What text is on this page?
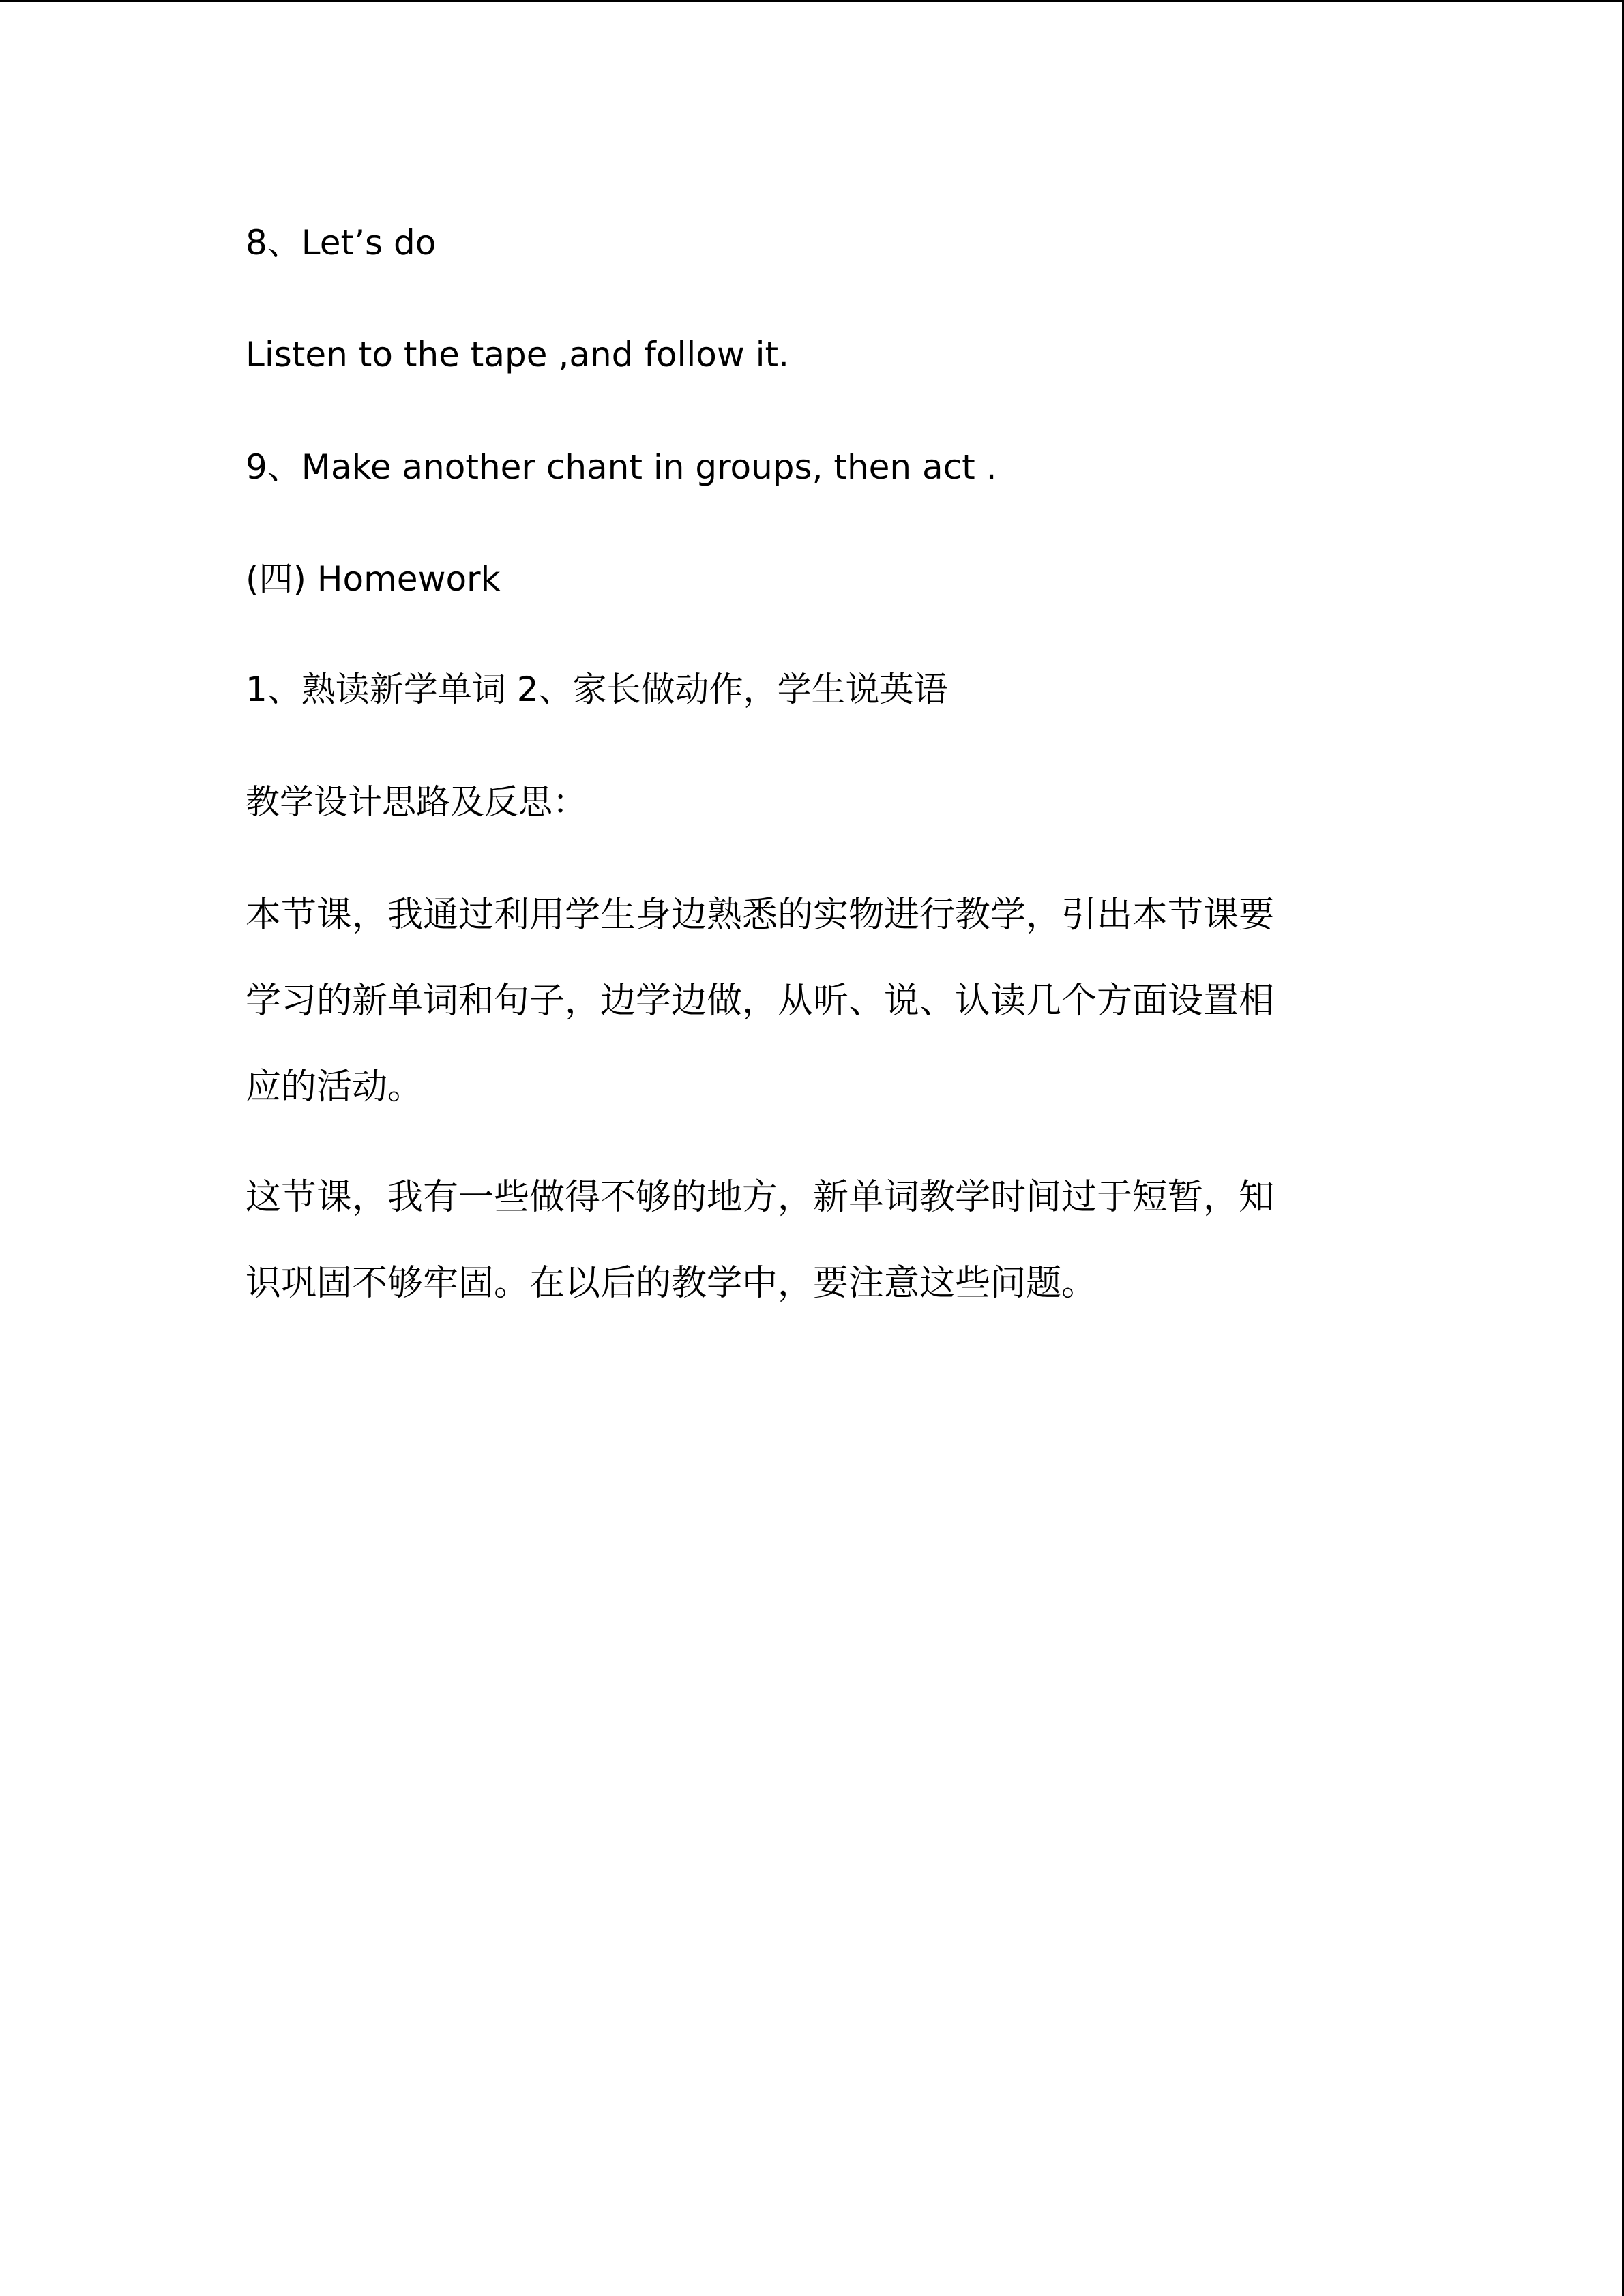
8、Let’s do
Listen to the tape ,and follow it.
9、Make another chant in groups, then act .
(四) Homework
1、熟读新学单词 2、家长做动作，学生说英语
教学设计思路及反思：
本节课，我通过利用学生身边熟悉的实物进行教学，引出本节课要
学习的新单词和句子，边学边做，从听、说、认读几个方面设置相
应的活动。
这节课，我有一些做得不够的地方，新单词教学时间过于短暂，知
识巩固不够牢固。在以后的教学中，要注意这些问题。
